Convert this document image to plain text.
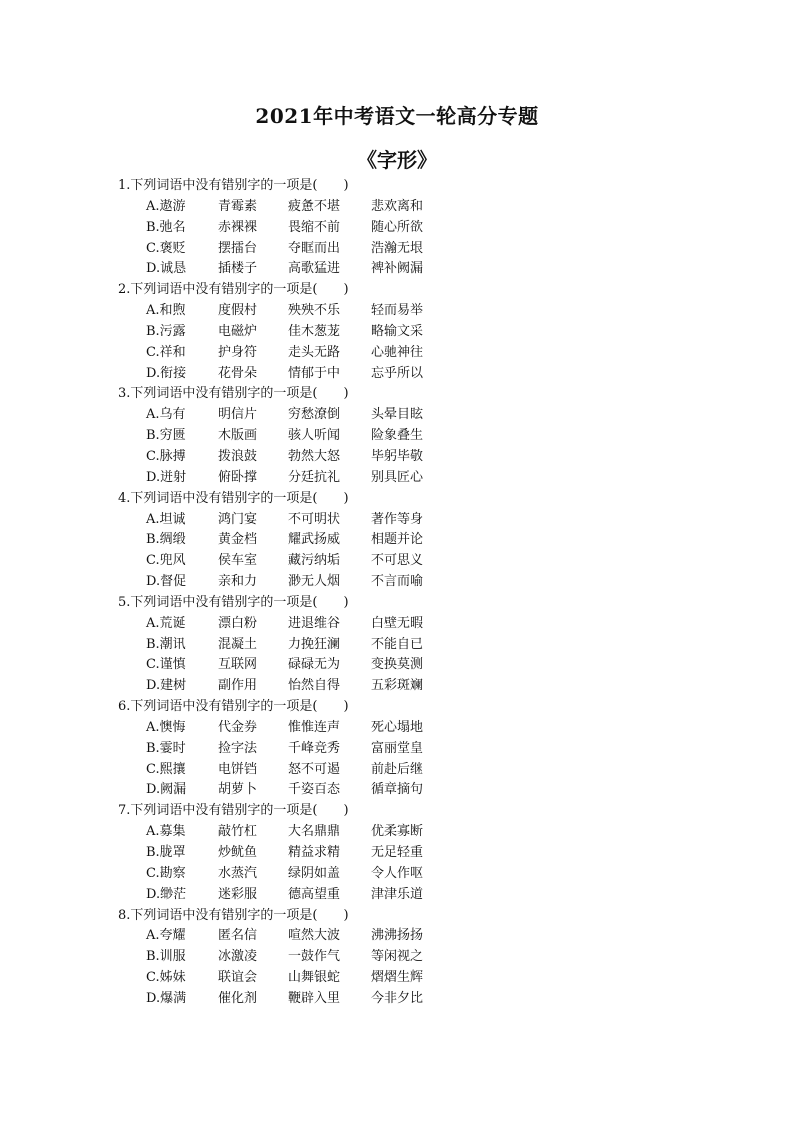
2021年中考语文一轮高分专题
《字形》
1.下列词语中没有错别字的一项是(　　)
A.遨游 青霉素 疲惫不堪 悲欢离和
B.弛名 赤裸裸 畏缩不前 随心所欲
C.褒贬 摆擂台 夺眶而出 浩瀚无垠
D.诚恳 插楼子 高歌猛进 裨补阙漏
2.下列词语中没有错别字的一项是(　　)
A.和煦 度假村 殃殃不乐 轻而易举
B.污露 电磁炉 佳木葱茏 略输文采
C.祥和 护身符 走头无路 心驰神往
D.衔接 花骨朵 情郁于中 忘乎所以
3.下列词语中没有错别字的一项是(　　)
A.乌有 明信片 穷愁潦倒 头晕目眩
B.穷匮 木版画 骇人听闻 险象叠生
C.脉搏 拨浪鼓 勃然大怒 毕躬毕敬
D.迸射 俯卧撑 分廷抗礼 别具匠心
4.下列词语中没有错别字的一项是(　　)
A.坦诚 鸿门宴 不可明状 著作等身
B.绸缎 黄金档 耀武扬威 相题并论
C.兜风 侯车室 藏污纳垢 不可思义
D.督促 亲和力 渺无人烟 不言而喻
5.下列词语中没有错别字的一项是(　　)
A.荒诞 漂白粉 进退维谷 白壁无暇
B.潮讯 混凝土 力挽狂澜 不能自已
C.谨慎 互联网 碌碌无为 变换莫测
D.建树 副作用 怡然自得 五彩斑斓
6.下列词语中没有错别字的一项是(　　)
A.懊悔 代金券 惟惟连声 死心塌地
B.霎时 捡字法 千峰竞秀 富丽堂皇
C.熙攘 电饼铛 怒不可遏 前赴后继
D.阙漏 胡萝卜 千姿百态 循章摘句
7.下列词语中没有错别字的一项是(　　)
A.募集 敲竹杠 大名鼎鼎 优柔寡断
B.胧罩 炒鱿鱼 精益求精 无足轻重
C.勘察 水蒸汽 绿阴如盖 令人作呕
D.缈茫 迷彩服 德高望重 津津乐道
8.下列词语中没有错别字的一项是(　　)
A.夸耀 匿名信 喧然大波 沸沸扬扬
B.训服 冰激凌 一鼓作气 等闲视之
C.姊妹 联谊会 山舞银蛇 熠熠生辉
D.爆满 催化剂 鞭辟入里 今非夕比
